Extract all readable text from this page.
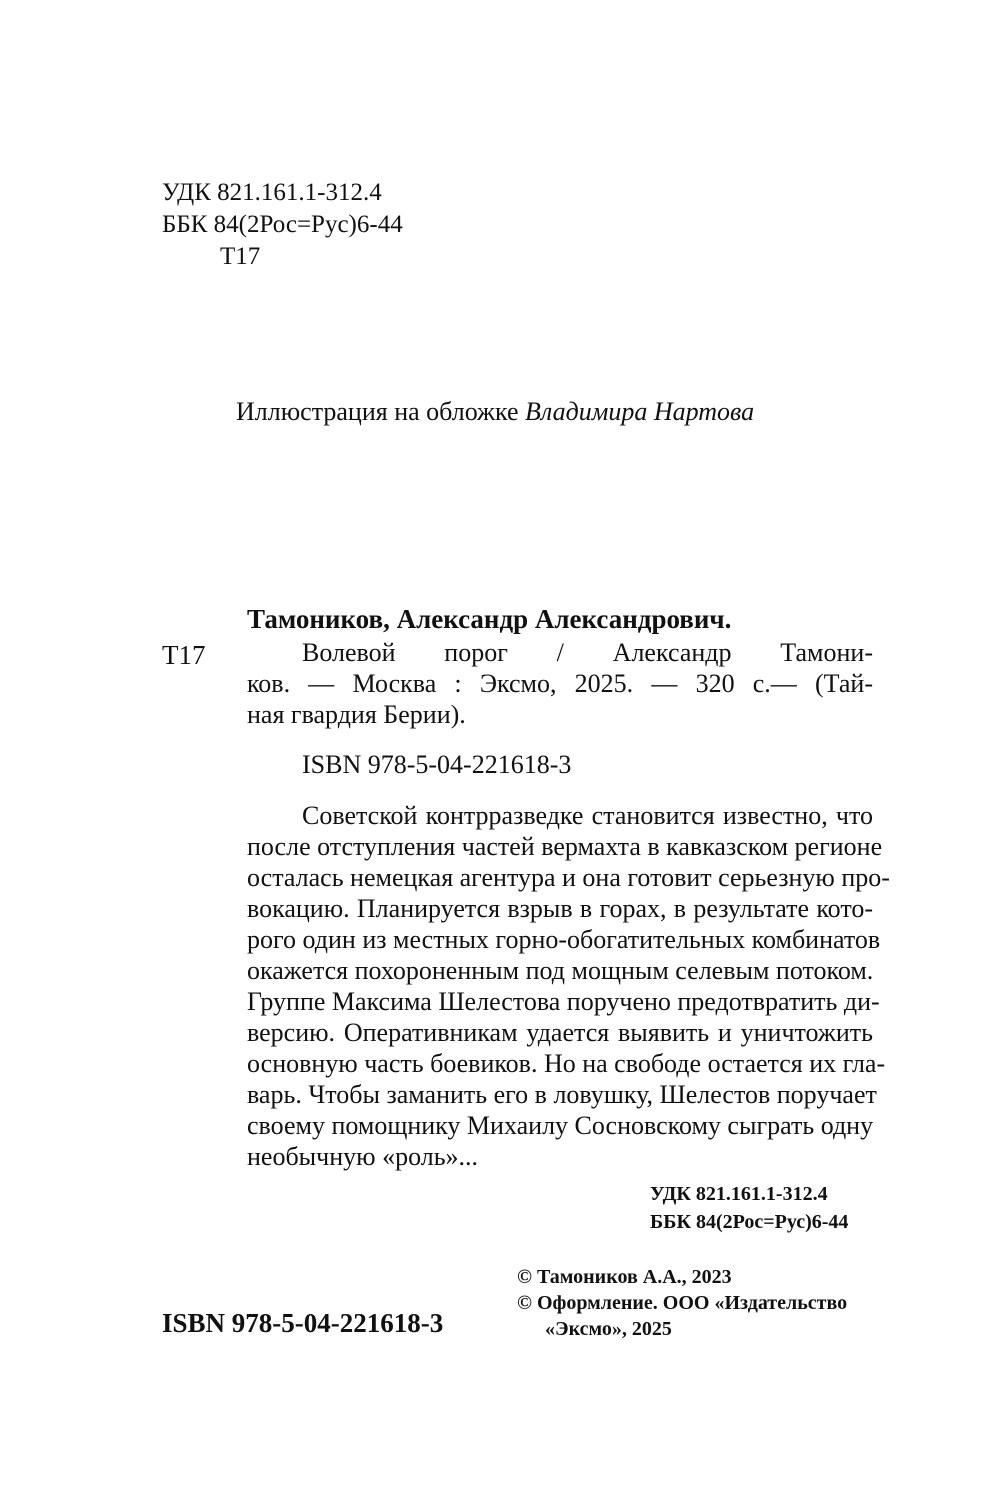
УДК 821.161.1-312.4
ББК 84(2Рос=Рус)6-44
Т17
Иллюстрация на обложке Владимира Нартова
Тамоников, Александр Александрович.
Т17	Волевой порог / Александр Тамони-
ков. — Москва : Эксмо, 2025. — 320 с.— (Тай-
ная гвардия Берии).
ISBN 978-5-04-221618-3
Советской контрразведке становится известно, что
после отступления частей вермахта в кавказском регионе
осталась немецкая агентура и она готовит серьезную про-
вокацию. Планируется взрыв в горах, в результате кото-
рого один из местных горно-обогатительных комбинатов
окажется похороненным под мощным селевым потоком.
Группе Максима Шелестова поручено предотвратить ди-
версию. Оперативникам удается выявить и уничтожить
основную часть боевиков. Но на свободе остается их гла-
варь. Чтобы заманить его в ловушку, Шелестов поручает
своему помощнику Михаилу Сосновскому сыграть одну
необычную «роль»...
УДК 821.161.1-312.4
ББК 84(2Рос=Рус)6-44
© Тамоников А.А., 2023
© Оформление. ООО «Издательство
«Эксмо», 2025
ISBN 978-5-04-221618-3
